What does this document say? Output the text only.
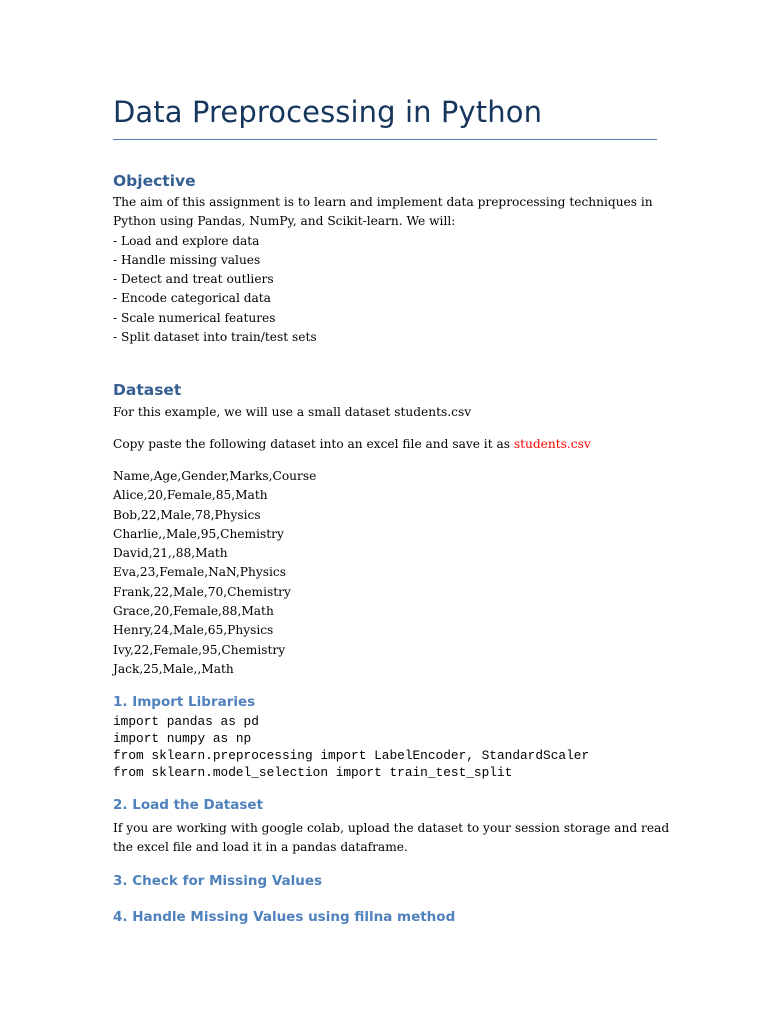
Data Preprocessing in Python
Objective
The aim of this assignment is to learn and implement data preprocessing techniques in
Python using Pandas, NumPy, and Scikit-learn. We will:
- Load and explore data
- Handle missing values
- Detect and treat outliers
- Encode categorical data
- Scale numerical features
- Split dataset into train/test sets
Dataset
For this example, we will use a small dataset students.csv
Copy paste the following dataset into an excel file and save it as students.csv
Name,Age,Gender,Marks,Course
Alice,20,Female,85,Math
Bob,22,Male,78,Physics
Charlie,,Male,95,Chemistry
David,21,,88,Math
Eva,23,Female,NaN,Physics
Frank,22,Male,70,Chemistry
Grace,20,Female,88,Math
Henry,24,Male,65,Physics
Ivy,22,Female,95,Chemistry
Jack,25,Male,,Math
1. Import Libraries
import pandas as pd
import numpy as np
from sklearn.preprocessing import LabelEncoder, StandardScaler
from sklearn.model_selection import train_test_split
2. Load the Dataset
If you are working with google colab, upload the dataset to your session storage and read
the excel file and load it in a pandas dataframe.
3. Check for Missing Values
4. Handle Missing Values using fillna method
